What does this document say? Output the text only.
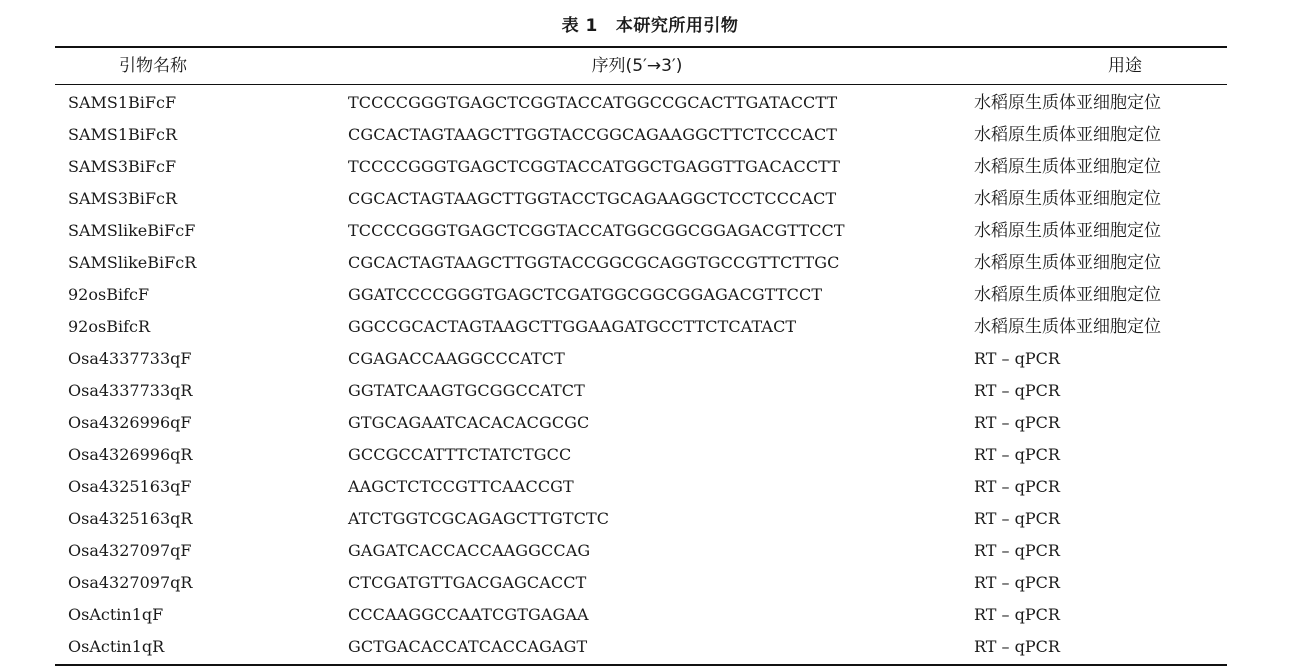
表 1 本研究所用引物
引物名称	序列(5′→3′)	用途
SAMS1BiFcF	TCCCCGGGTGAGCTCGGTACCATGGCCGCACTTGATACCTT	水稻原生质体亚细胞定位
SAMS1BiFcR	CGCACTAGTAAGCTTGGTACCGGCAGAAGGCTTCTCCCACT	水稻原生质体亚细胞定位
SAMS3BiFcF	TCCCCGGGTGAGCTCGGTACCATGGCTGAGGTTGACACCTT	水稻原生质体亚细胞定位
SAMS3BiFcR	CGCACTAGTAAGCTTGGTACCTGCAGAAGGCTCCTCCCACT	水稻原生质体亚细胞定位
SAMSlikeBiFcF	TCCCCGGGTGAGCTCGGTACCATGGCGGCGGAGACGTTCCT	水稻原生质体亚细胞定位
SAMSlikeBiFcR	CGCACTAGTAAGCTTGGTACCGGCGCAGGTGCCGTTCTTGC	水稻原生质体亚细胞定位
92osBifcF	GGATCCCCGGGTGAGCTCGATGGCGGCGGAGACGTTCCT	水稻原生质体亚细胞定位
92osBifcR	GGCCGCACTAGTAAGCTTGGAAGATGCCTTCTCATACT	水稻原生质体亚细胞定位
Osa4337733qF	CGAGACCAAGGCCCATCT	RT – qPCR
Osa4337733qR	GGTATCAAGTGCGGCCATCT	RT – qPCR
Osa4326996qF	GTGCAGAATCACACACGCGC	RT – qPCR
Osa4326996qR	GCCGCCATTTCTATCTGCC	RT – qPCR
Osa4325163qF	AAGCTCTCCGTTCAACCGT	RT – qPCR
Osa4325163qR	ATCTGGTCGCAGAGCTTGTCTC	RT – qPCR
Osa4327097qF	GAGATCACCACCAAGGCCAG	RT – qPCR
Osa4327097qR	CTCGATGTTGACGAGCACCT	RT – qPCR
OsActin1qF	CCCAAGGCCAATCGTGAGAA	RT – qPCR
OsActin1qR	GCTGACACCATCACCAGAGT	RT – qPCR
